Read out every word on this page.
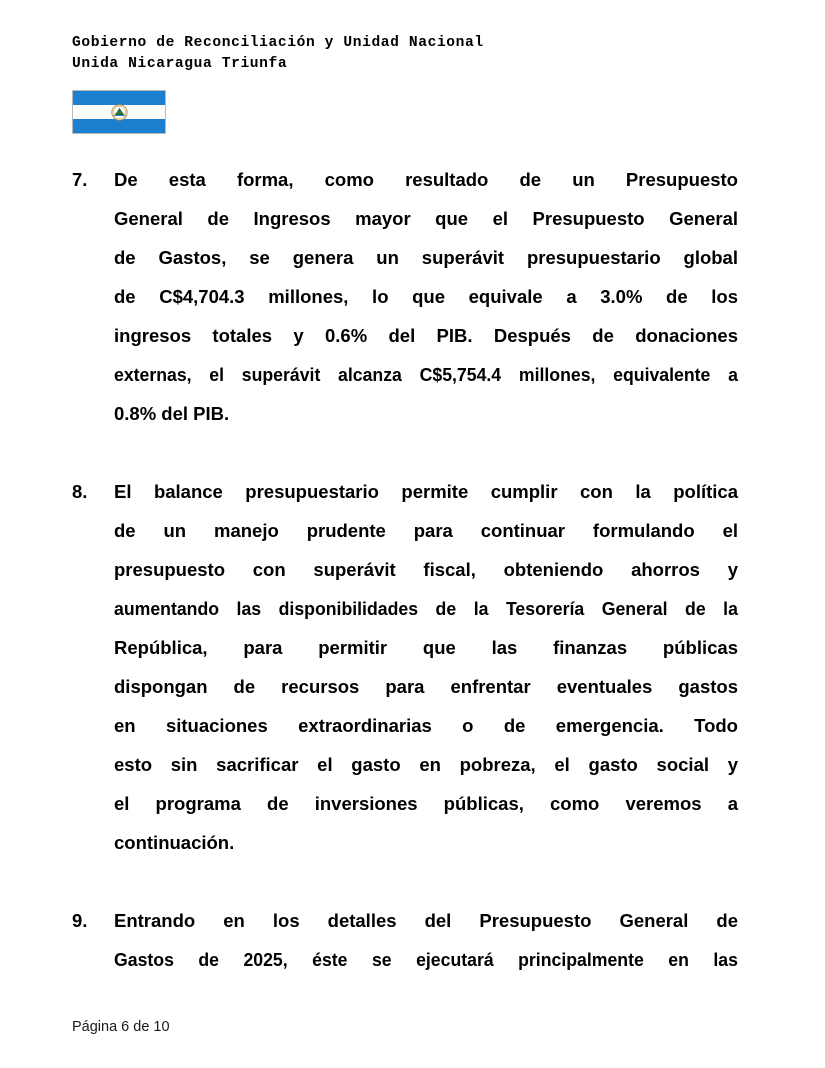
Gobierno de Reconciliación y Unidad Nacional
Unida Nicaragua Triunfa
7.	De esta forma, como resultado de un Presupuesto
General de Ingresos mayor que el Presupuesto General
de Gastos, se genera un superávit presupuestario global
de C$4,704.3 millones, lo que equivale a 3.0% de los
ingresos totales y 0.6% del PIB. Después de donaciones
externas, el superávit alcanza C$5,754.4 millones, equivalente a
0.8% del PIB.
8.	El balance presupuestario permite cumplir con la política
de un manejo prudente para continuar formulando el
presupuesto con superávit fiscal, obteniendo ahorros y
aumentando las disponibilidades de la Tesorería General de la
República, para permitir que las finanzas públicas
dispongan de recursos para enfrentar eventuales gastos
en situaciones extraordinarias o de emergencia. Todo
esto sin sacrificar el gasto en pobreza, el gasto social y
el programa de inversiones públicas, como veremos a
continuación.
9.	Entrando en los detalles del Presupuesto General de
Gastos de 2025, éste se ejecutará principalmente en las
Página 6 de 10
